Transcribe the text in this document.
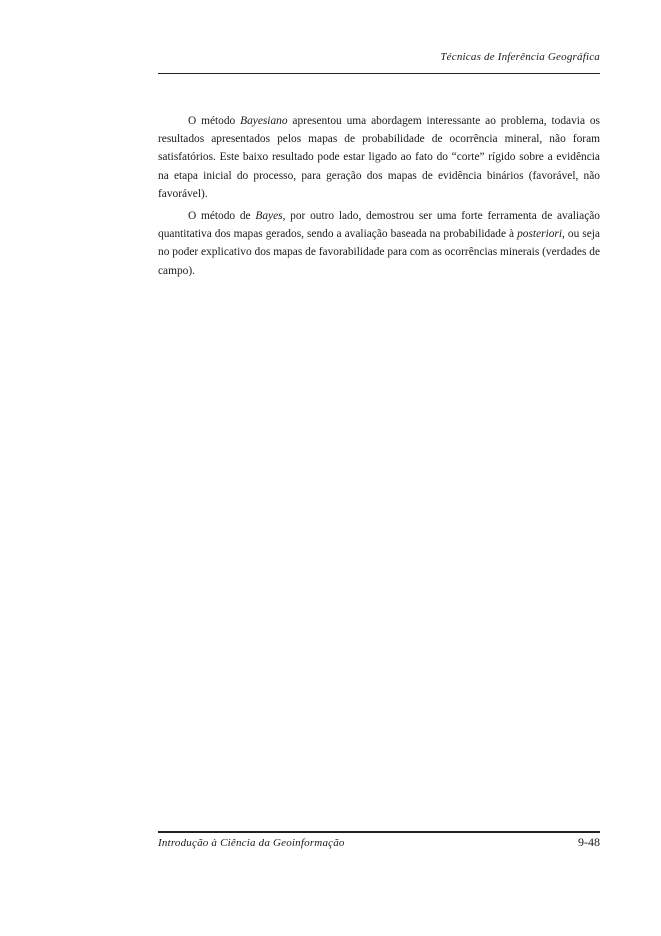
Técnicas de Inferência Geográfica

O método Bayesiano apresentou uma abordagem interessante ao problema, todavia os resultados apresentados pelos mapas de probabilidade de ocorrência mineral, não foram satisfatórios. Este baixo resultado pode estar ligado ao fato do “corte” rígido sobre a evidência na etapa inicial do processo, para geração dos mapas de evidência binários (favorável, não favorável).

O método de Bayes, por outro lado, demostrou ser uma forte ferramenta de avaliação quantitativa dos mapas gerados, sendo a avaliação baseada na probabilidade à posteriori, ou seja no poder explicativo dos mapas de favorabilidade para com as ocorrências minerais (verdades de campo).

Introdução à Ciência da Geoinformação	9-48
